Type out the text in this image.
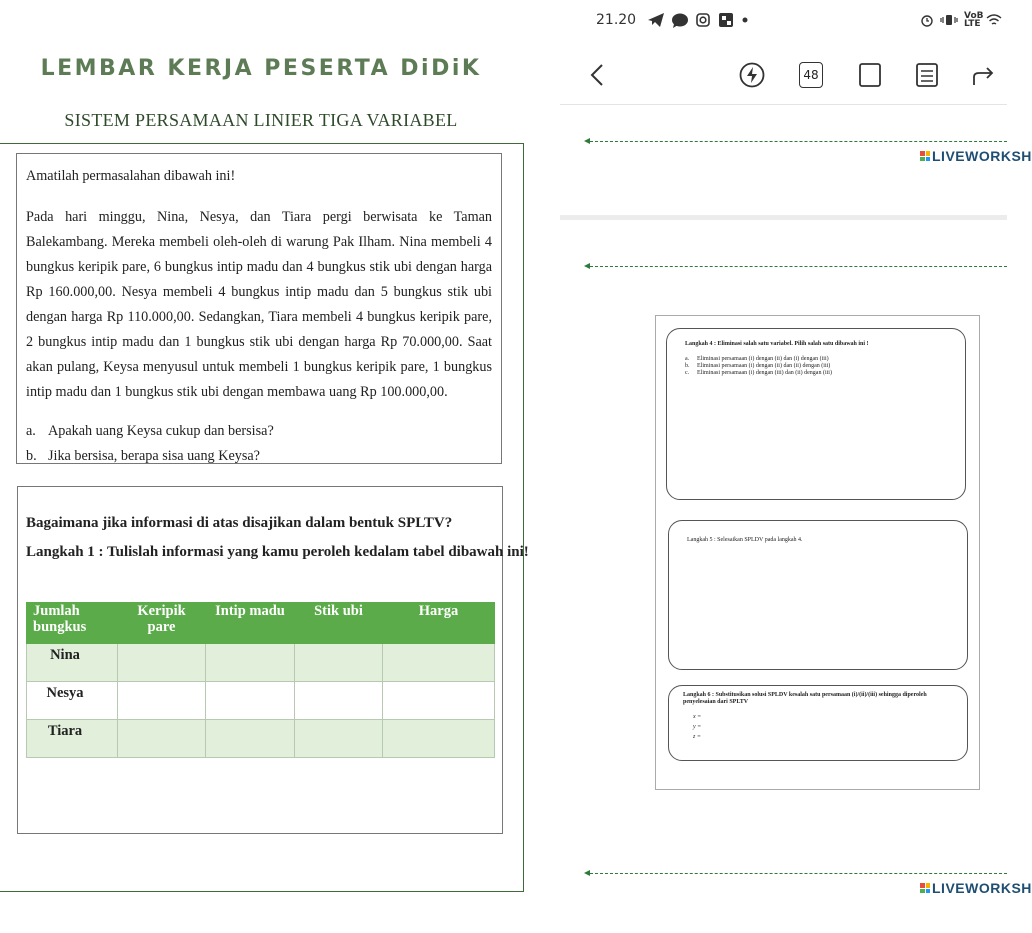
LEMBAR KERJA PESERTA DiDiK
SISTEM PERSAMAAN LINIER TIGA VARIABEL

Amatilah permasalahan dibawah ini!

Pada hari minggu, Nina, Nesya, dan Tiara pergi berwisata ke Taman Balekambang. Mereka membeli oleh-oleh di warung Pak Ilham. Nina membeli 4 bungkus keripik pare, 6 bungkus intip madu dan 4 bungkus stik ubi dengan harga Rp 160.000,00. Nesya membeli 4 bungkus intip madu dan 5 bungkus stik ubi dengan harga Rp 110.000,00. Sedangkan, Tiara membeli 4 bungkus keripik pare, 2 bungkus intip madu dan 1 bungkus stik ubi dengan harga Rp 70.000,00. Saat akan pulang, Keysa menyusul untuk membeli 1 bungkus keripik pare, 1 bungkus intip madu dan 1 bungkus stik ubi dengan membawa uang Rp 100.000,00.

a. Apakah uang Keysa cukup dan bersisa?
b. Jika bersisa, berapa sisa uang Keysa?
Bagaimana jika informasi di atas disajikan dalam bentuk SPLTV?
Langkah 1 : Tulislah informasi yang kamu peroleh kedalam tabel dibawah ini!
Jumlah bungkus	Keripik pare	Intip madu	Stik ubi	Harga
Nina				
Nesya				
Tiara				
21.20	VoB LTE
48
LIVEWORKSH
Langkah 4 : Eliminasi salah satu variabel. Pilih salah satu dibawah ini !
a.	Eliminasi persamaan (i) dengan (ii) dan (i) dengan (iii)
b.	Eliminasi persamaan (i) dengan (ii) dan (ii) dengan (iii)
c.	Eliminasi persamaan (i) dengan (iii) dan (ii) dengan (iii)
Langkah 5 : Selesaikan SPLDV pada langkah 4.
Langkah 6 : Substitusikan solusi SPLDV kesalah satu persamaan (i)/(ii)/(iii) sehingga diperoleh penyelesaian dari SPLTV
x =
y =
z =
LIVEWORKSH
